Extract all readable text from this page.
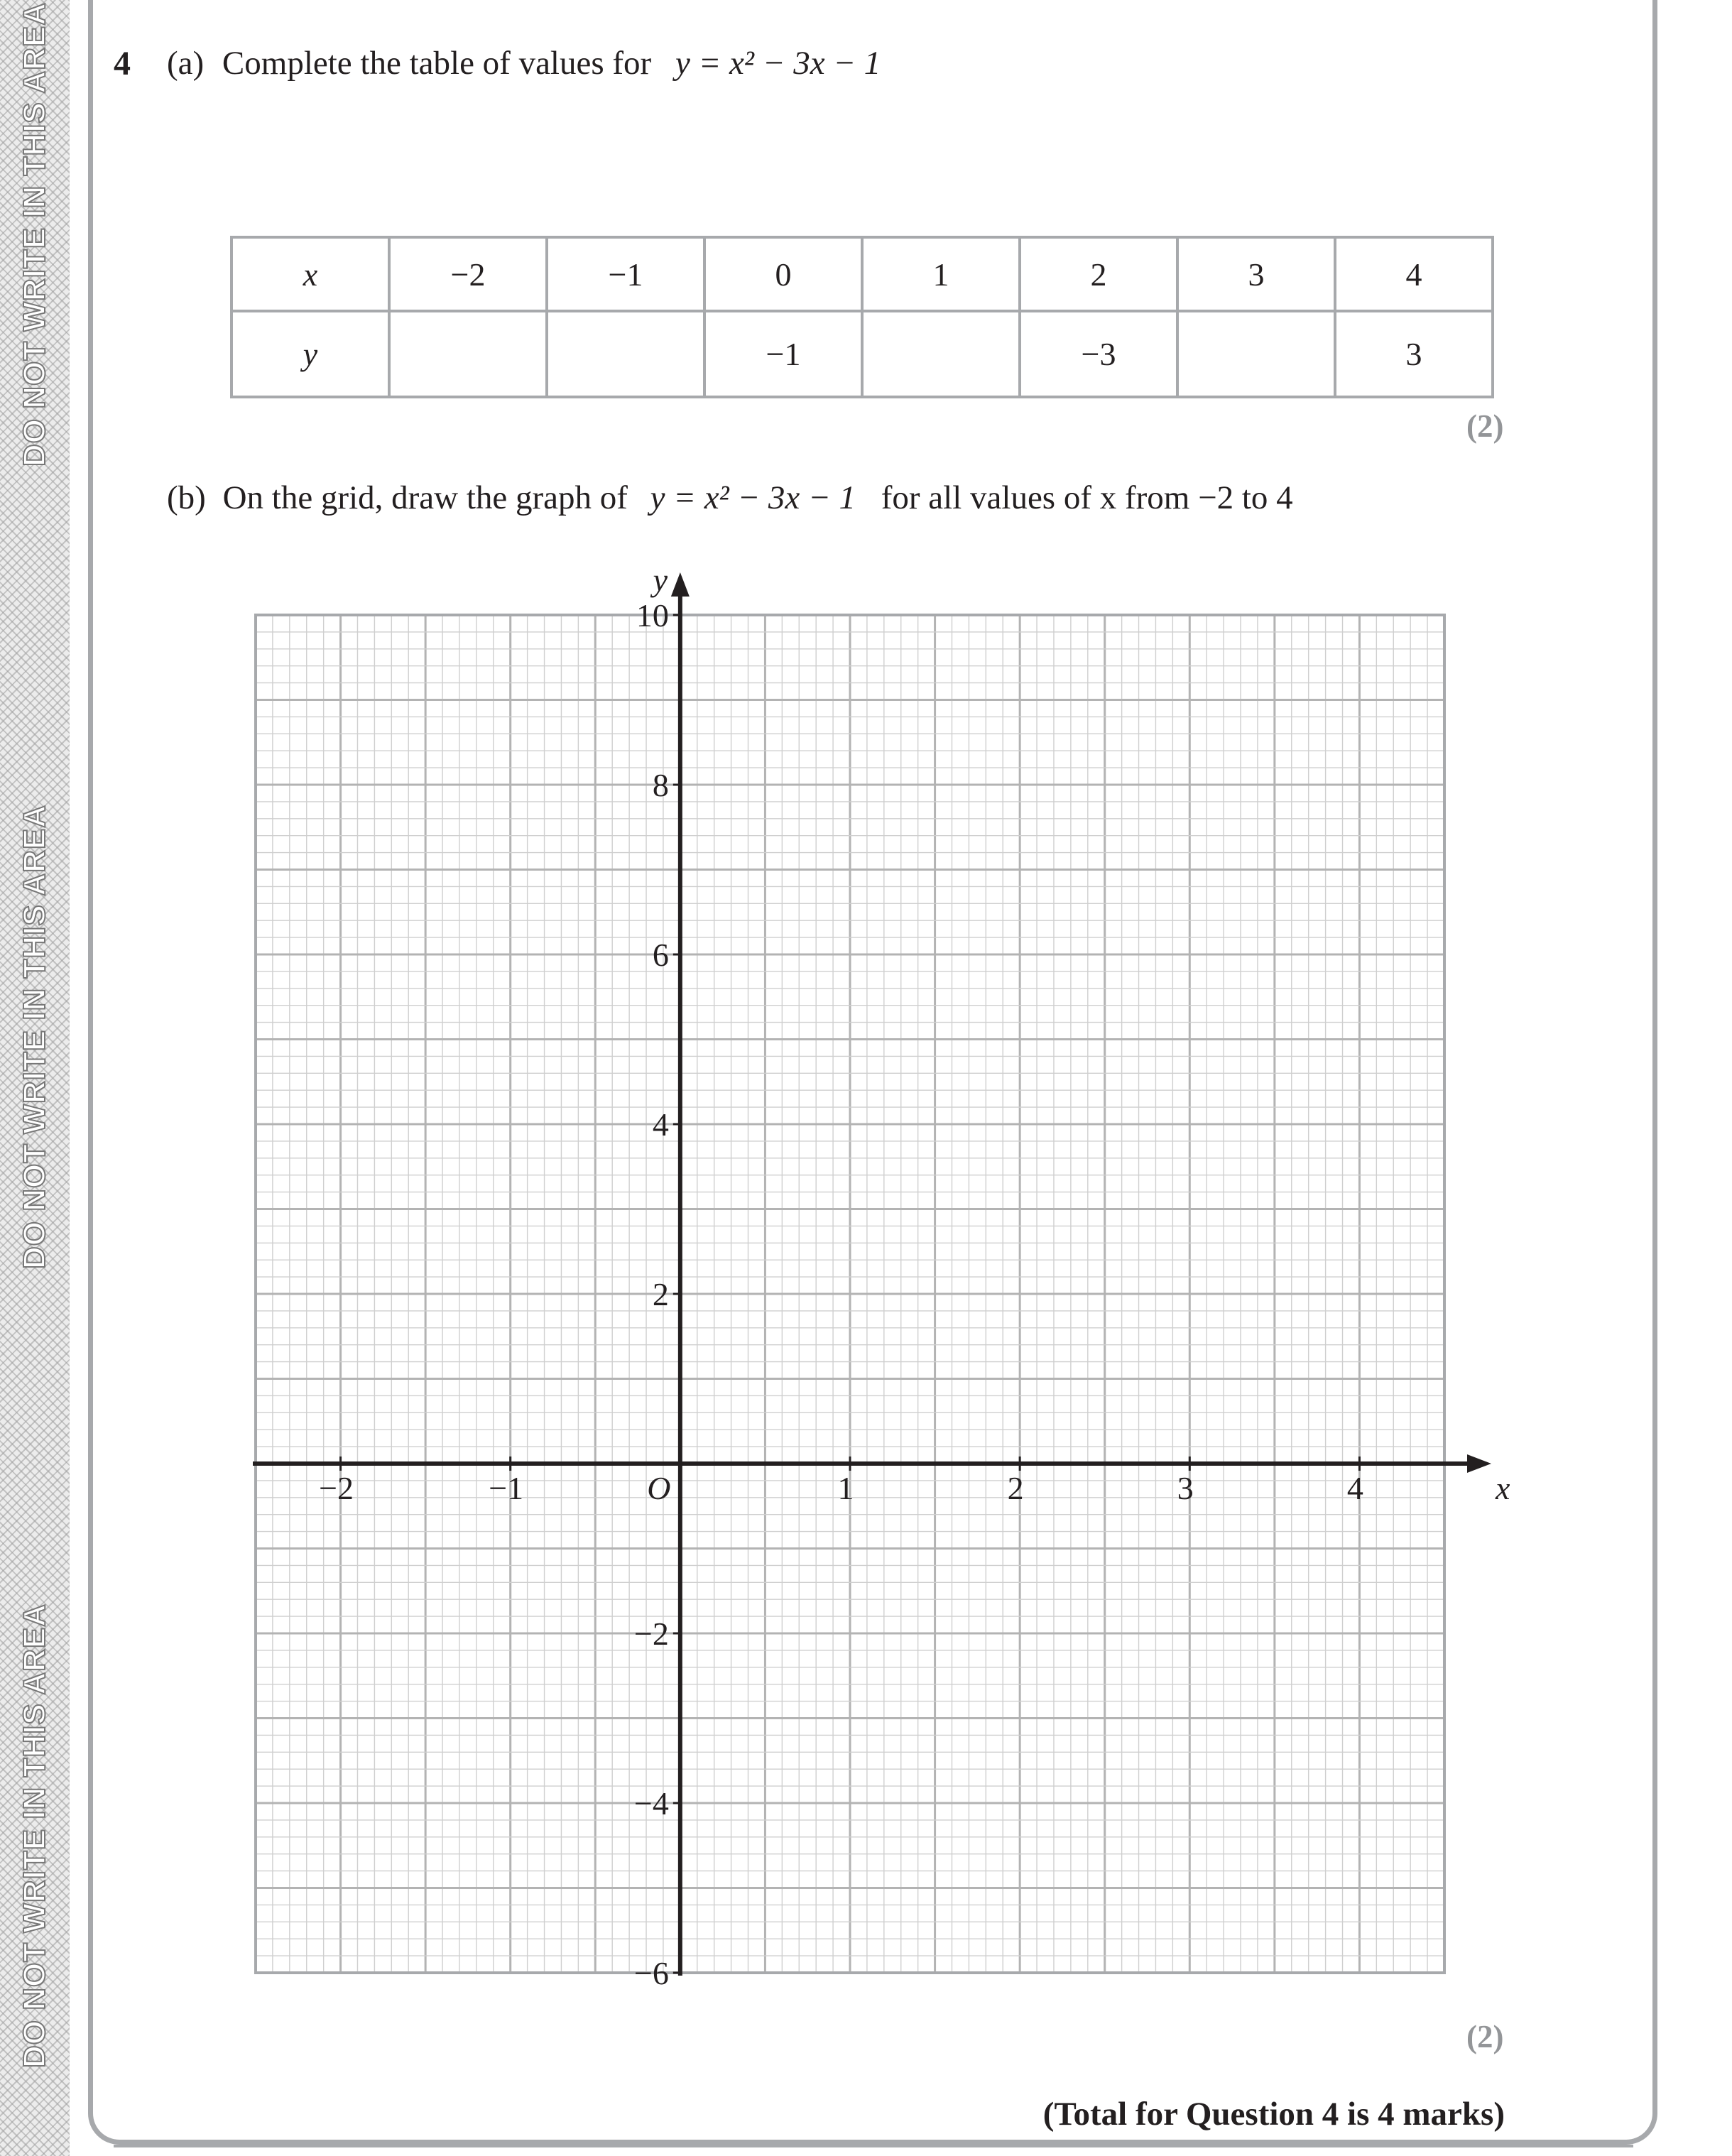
DO NOT WRITE IN THIS AREA
DO NOT WRITE IN THIS AREA
DO NOT WRITE IN THIS AREA
4 (a) Complete the table of values for y = x² − 3x − 1
x	−2	−1	0	1	2	3	4
y			−1		−3		3
(2)
(b) On the grid, draw the graph of y = x² − 3x − 1 for all values of x from −2 to 4
−2	−1	1	2	3	4
10
8
6
4
2
−2
−4
−6
O	x
y
(2)
(Total for Question 4 is 4 marks)
